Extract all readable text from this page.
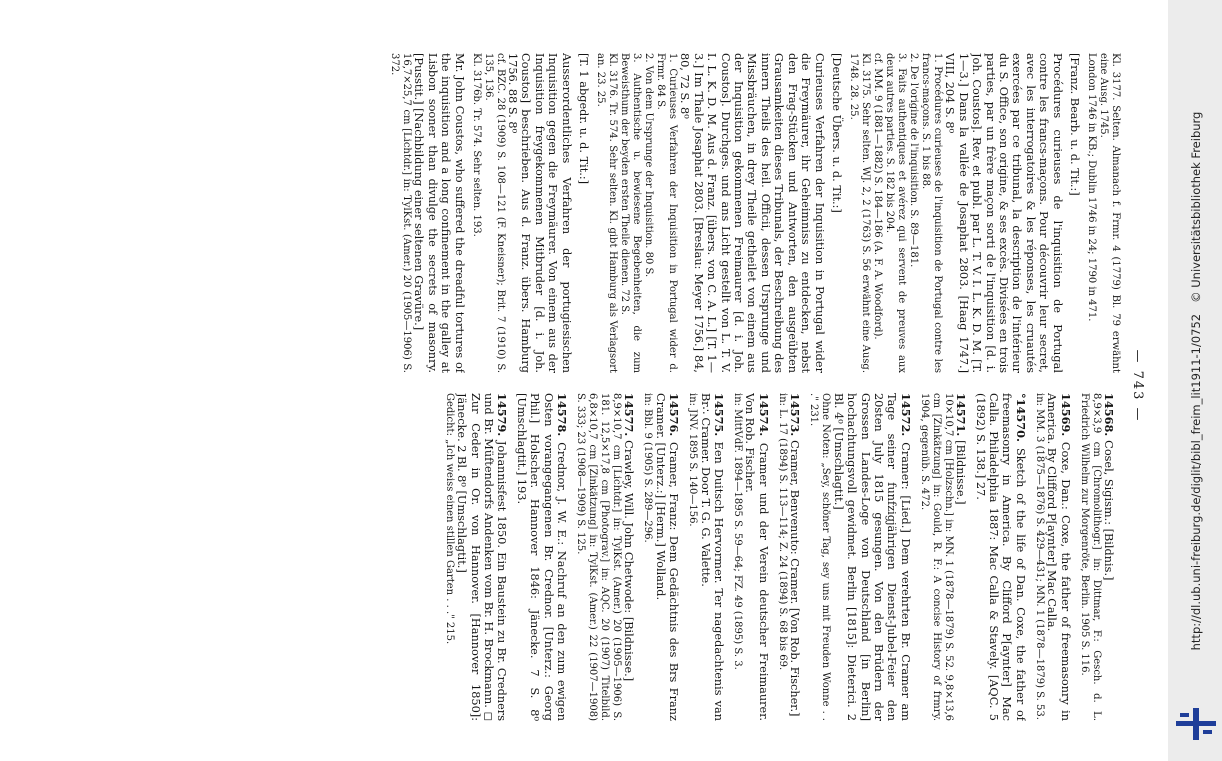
— 743 —

Kl. 3177. Selten. Almanach f. Frmr. 4 (1779) Bl. 79 erwähnt eine Ausg. 1745.

London 1746 in KB.; Dublin 1746 in 24; 1790 in 471.

[Franz. Bearb. u. d. Tit.:]

Procédures curieuses de l'inquisition de Portugal contre les francs-maçons. Pour découvrir leur secret, avec les interrogatoires & les réponses, les cruautés exercées par ce tribunal, la description de l'intérieur du S. Office, son origine, & ses excès. Divisées en trois parties, par un frère maçon sorti de l'inquisition [d. i. Joh. Coustos]. Rev. et publ. par L. T. V. I. L. K. D. M. [T. 1—3.] Dans la vallée de Josaphat 2803. [Haag 1747.] VIII, 204 S. 8⁰

1. Procédures curieuses de l'inquisition de Portugal contre les francs-maçons. S. 1 bis 88.

2. De l'origine de l'inquisition. S. 89—181.

3. Faits authentiques et avérez qui servent de preuves aux deux autres parties. S. 182 bis 204.

cf. MM. 9 (1881—1882) S. 184—186 (A. F. A. Woodford).

Kl. 3175. Sehr selten. WJ. 2, 2 (1763) S. 56 erwähnt eine Ausg. 1748. 28. 25.

[Deutsche Übers. u. d. Tit.:]

Curieuses Verfahren der Inquisition in Portugal wider die Freymäurer, ihr Geheimniss zu entdecken, nebst den Frag-Stücken und Antworten, den ausgeübten Grausamkeiten dieses Tribunals, der Beschreibung des innern Theils des heil. Officii, dessen Ursprunge und Missbräuchen, in drey Theile getheilet von einem aus der Inquisition gekommenen Freimaurer [d. i. Joh. Coustos]. Durchges. und ans Licht gestellt von L. T. V. I. L. K. D. M. Aus d. Franz. [übers. von C. A. L.] [T. 1—3.] Im Thale Josaphat 2803. [Breslau: Meyer 1756.] 84, 80, 72 S. 8⁰

1. Curieuses Verfahren der Inquisition in Portugal wider d. Frmr. 84 S.

2. Von dem Ursprunge der Inquisition. 80 S.

3. Authentische u. bewiesene Begebenheiten, die zum Beweisthum der beyden ersten Theile dienen. 72 S.

Kl. 3176. Tr. 574. Sehr selten. Kl. gibt Hamburg als Verlagsort an. 23. 25.

[T. 1 abgedr. u. d. Tit.:]

Ausserordentliches Verfahren der portugiesischen Inquisition gegen die Freymäurer. Von einem aus der Inquisition freygekommenen Mitbruder [d. i. Joh. Coustos] beschrieben. Aus d. Franz. übers. Hamburg 1756. 88 S. 8⁰

cf. BZC. 28 (1909) S. 108—121 (F. Kneisner); Brit. 7 (1910) S. 135, 136.

Kl. 3176b. Tr. 574. Sehr selten. 193.

Mr. John Coustos, who suffered the dreadful tortures of the inquisition and a long confinement in the galley at Lisbon sooner than divulge the secrets of masonry. [Pusstit.] [Nachbildung einer seltenen Gravüre.]

16,7×25,7 cm [Lichtdr.] in: TylKst. (Amer.) 20 (1905—1906) S. 372.

14568. Cosel, Sigism.: [Bildnis.]

8,9×3,9 cm [Chromolithogr.] in: Dittmar, F.: Gesch. d. L. Friedrich Wilhelm zur Morgenröte, Berlin. 1905 S. 116.

14569. Coxe, Dan.: Coxe, the father of freemasonry in America. By Clifford P[aynter] Mac Calla.

in: MM. 3 (1875—1876) S. 429—431; MN. 1 (1878—1879) S. 53.

°14570. Sketch of the life of Dan. Coxe, the father of freemasonry in America. By Clifford P[aynter] Mac Calla. Philadelphia 1887: Mac Calla & Stavely. [AQC. 5 (1892) S. 138.] 27.

14571. [Bildnisse.]

10×10,7 cm [Holzschn.] in: MN. 1 (1878—1879) S. 52. 9,8×13,6 cm [Zinkätzung] in: Gould, R. F.: A concise History of frmry. 1904, gegenüb. S. 472.

14572. Cramer: [Lied.] Dem verehrten Br. Cramer am Tage seiner funfzigjährigen Dienst-Jubel-Feier den 20sten July 1815 gesungen. Von den Brüdern der Grossen Landes-Loge von Deutschland [in Berlin] hochachtungsvoll gewidmet. Berlin [1815]: Dieterici. 2 Bl. 4⁰ [Umschlagtit.]

Ohne Noten: „Sey, schöner Tag, sey uns mit Freuden Wonne . . ." 231.

14573. Cramer, Benvenuto: Cramer. [Von Rob. Fischer.]

in: L. 17 (1894) S. 113—114; Z. 24 (1894) S. 68 bis 69.

14574. Cramer und der Verein deutscher Freimaurer. Von Rob. Fischer.

in: MittVdF. 1894—1895 S. 59—64; FZ. 49 (1895) S. 3.

14575. Een Duitsch Hervormer. Ter nagedachtenis van Br∴ Cramer. Door T. G. G. Valette.

in: JNV. 1895 S. 140—156.

14576. Cramer, Franz: Dem Gedächtnis des Brs Franz Cramer. [Unterz.:] [Herm.] Wolland.

in: Bbl. 9 (1905) S. 289—296.

14577. Crawley, Will. John Chetwode: [Bildnisse.]

8,9×10,7 cm [Lichtdr.] in: TylKst. (Amer.) 20 (1905—1906) S. 181. 12,5×17,8 cm [Photograv.] in: AQC. 20 (1907) Titelbild. 6,8×10,7 cm [Zinkätzung] in: TylKst. (Amer.) 22 (1907—1908) S. 333; 23 (1908—1909) S. 125.

14578. Crednor, J. W. E.: Nachruf an den zum ewigen Osten vorangegangenen Br. Crednor. [Unterz.: Georg Phil.] Holscher. Hannover 1846: Jänecke. 7 S. 8⁰ [Umschlagtit.] 193.

14579. Johannisfest 1850. Ein Baustein zu Br. Credners und Br. Müftendorfs Andenken vom Br. H. Brockmann. ◻ Zur Ceder in Or. von Hannover. [Hannover 1850]: Jänecke. 2 Bl. 8⁰ [Umschlagtit.]

Gedicht: „Ich weiss einen stillen Garten . . ." 215.	http://dl.ub.uni-freiburg.de/diglit/bibl_freim_lit1911-1/0752   © Universitätsbibliothek Freiburg
